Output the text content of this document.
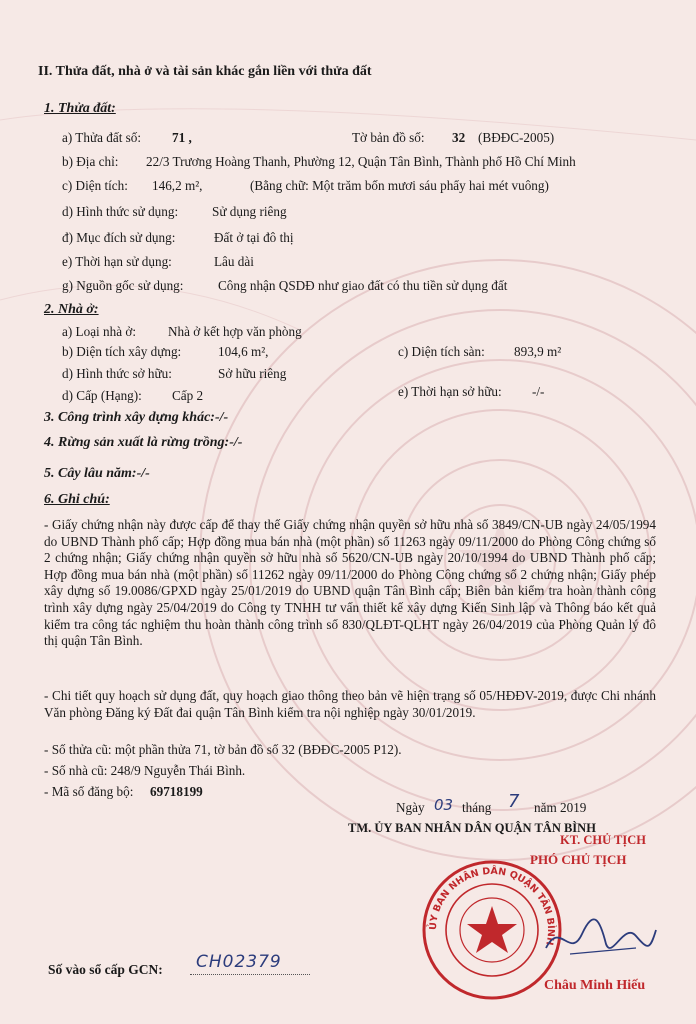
II. Thửa đất, nhà ở và tài sản khác gắn liền với thửa đất
1. Thửa đất:
a) Thửa đất số: 71 ,	Tờ bản đồ số: 32 (BĐĐC-2005)
b) Địa chỉ: 22/3 Trương Hoàng Thanh, Phường 12, Quận Tân Bình, Thành phố Hồ Chí Minh
c) Diện tích: 146,2 m²,	(Bằng chữ: Một trăm bốn mươi sáu phẩy hai mét vuông)
d) Hình thức sử dụng:	Sử dụng riêng
đ) Mục đích sử dụng:	Đất ở tại đô thị
e) Thời hạn sử dụng:	Lâu dài
g) Nguồn gốc sử dụng:	Công nhận QSDĐ như giao đất có thu tiền sử dụng đất
2. Nhà ở:
a) Loại nhà ở: Nhà ở kết hợp văn phòng
b) Diện tích xây dựng:	104,6 m²,	c) Diện tích sàn: 893,9 m²
d) Hình thức sở hữu:	Sở hữu riêng
d) Cấp (Hạng): Cấp 2	e) Thời hạn sở hữu: -/-
3. Công trình xây dựng khác:-/-
4. Rừng sản xuất là rừng trồng:-/-
5. Cây lâu năm:-/-
6. Ghi chú:
- Giấy chứng nhận này được cấp để thay thế Giấy chứng nhận quyền sở hữu nhà số 3849/CN-UB ngày 24/05/1994 do UBND Thành phố cấp; Hợp đồng mua bán nhà (một phần) số 11263 ngày 09/11/2000 do Phòng Công chứng số 2 chứng nhận; Giấy chứng nhận quyền sở hữu nhà số 5620/CN-UB ngày 20/10/1994 do UBND Thành phố cấp; Hợp đồng mua bán nhà (một phần) số 11262 ngày 09/11/2000 do Phòng Công chứng số 2 chứng nhận; Giấy phép xây dựng số 19.0086/GPXD ngày 25/01/2019 do UBND quận Tân Bình cấp; Biên bản kiểm tra hoàn thành công trình xây dựng ngày 25/04/2019 do Công ty TNHH tư vấn thiết kế xây dựng Kiến Sinh lập và Thông báo kết quả kiểm tra công tác nghiệm thu hoàn thành công trình số 830/QLĐT-QLHT ngày 26/04/2019 của Phòng Quản lý đô thị quận Tân Bình.
- Chi tiết quy hoạch sử dụng đất, quy hoạch giao thông theo bản vẽ hiện trạng số 05/HĐĐV-2019, được Chi nhánh Văn phòng Đăng ký Đất đai quận Tân Bình kiểm tra nội nghiệp ngày 30/01/2019.
- Số thửa cũ: một phần thửa 71, tờ bản đồ số 32 (BĐĐC-2005 P12).
- Số nhà cũ: 248/9 Nguyễn Thái Bình.
- Mã số đăng bộ: 69718199
Ngày 03 tháng 7 năm 2019
TM. ỦY BAN NHÂN DÂN QUẬN TÂN BÌNH
KT. CHỦ TỊCH
PHÓ CHỦ TỊCH
ỦY BAN NHÂN DÂN QUẬN TÂN BÌNH
Châu Minh Hiếu
Số vào sổ cấp GCN: CH02379
